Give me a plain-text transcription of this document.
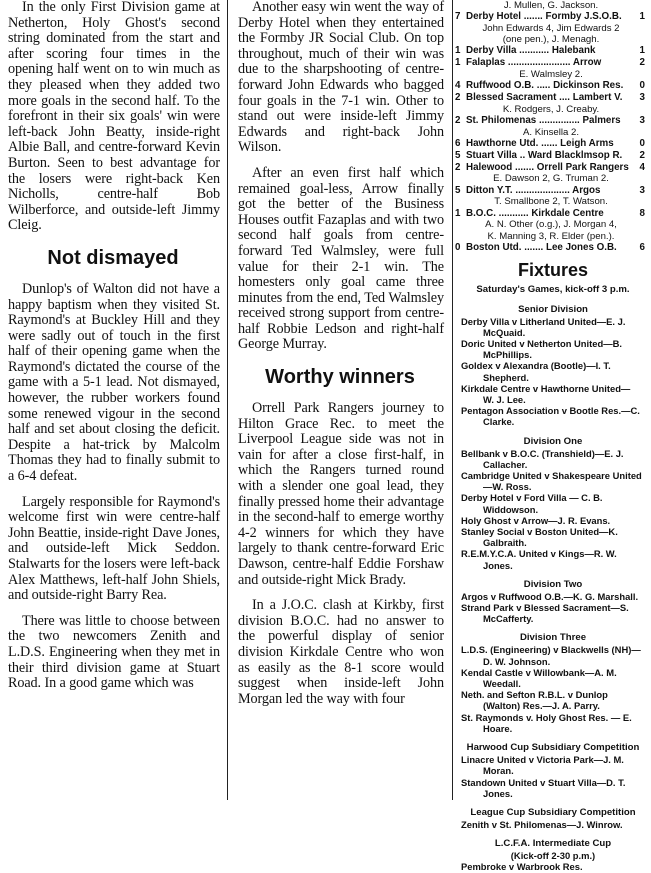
In the only First Division game at Netherton, Holy Ghost's second string dominated from the start and after scoring four times in the opening half went on to win much as they pleased when they added two more goals in the second half. To the forefront in their six goals' win were left-back John Beatty, inside-right Albie Ball, and centre-forward Kevin Burton. Seen to best advantage for the losers were right-back Ken Nicholls, centre-half Bob Wilberforce, and outside-left Jimmy Cleig.

Not dismayed

Dunlop's of Walton did not have a happy baptism when they visited St. Raymond's at Buckley Hill and they were sadly out of touch in the first half of their opening game when the Raymond's dictated the course of the game with a 5-1 lead. Not dismayed, however, the rubber workers found some renewed vigour in the second half and set about closing the deficit. Despite a hat-trick by Malcolm Thomas they had to finally submit to a 6-4 defeat.

Largely responsible for Raymond's welcome first win were centre-half John Beattie, inside-right Dave Jones, and outside-left Mick Seddon. Stalwarts for the losers were left-back Alex Matthews, left-half John Shiels, and outside-right Barry Rea.

There was little to choose between the two newcomers Zenith and L.D.S. Engineering when they met in their third division game at Stuart Road. In a good game which was

Another easy win went the way of Derby Hotel when they entertained the Formby JR Social Club. On top throughout, much of their win was due to the sharpshooting of centre-forward John Edwards who bagged four goals in the 7-1 win. Other to stand out were inside-left Jimmy Edwards and right-back John Wilson.

After an even first half which remained goal-less, Arrow finally got the better of the Business Houses outfit Fazaplas and with two second half goals from centre-forward Ted Walmsley, were full value for their 2-1 win. The homesters only goal came three minutes from the end, Ted Walmsley received strong support from centre-half Robbie Ledson and right-half George Murray.

Worthy winners

Orrell Park Rangers journey to Hilton Grace Rec. to meet the Liverpool League side was not in vain for after a close first-half, in which the Rangers turned round with a slender one goal lead, they finally pressed home their advantage in the second-half to emerge worthy 4-2 winners for which they have largely to thank centre-forward Eric Dawson, centre-half Eddie Forshaw and outside-right Mick Brady.

In a J.O.C. clash at Kirkby, first division B.O.C. had no answer to the powerful display of senior division Kirkdale Centre who won as easily as the 8-1 score would suggest when inside-left John Morgan led the way with four

J. Mullen, G. Jackson.
7 Derby Hotel ....... Formby J.S.O.B. 1
John Edwards 4, Jim Edwards 2
(one pen.), J. Menagh.
1 Derby Villa ........... Halebank	1
1 Falaplas ....................... Arrow	2
E. Walmsley 2.
4 Ruffwood O.B. ..... Dickinson Res. 0
2 Blessed Sacrament .... Lambert V. 3
K. Rodgers, J. Creaby.
2 St. Philomenas ............... Palmers 3
A. Kinsella 2.
6 Hawthorne Utd. ...... Leigh Arms	0
5 Stuart Villa .. Ward Blacklmsop R. 2
2 Halewood ....... Orrell Park Rangers 4
E. Dawson 2, G. Truman 2.
5 Ditton Y.T. .................... Argos	3
T. Smallbone 2, T. Watson.
1 B.O.C. ........... Kirkdale Centre	8
A. N. Other (o.g.), J. Morgan 4,
K. Manning 3, R. Elder (pen.).
0 Boston Utd. ....... Lee Jones O.B. 6
Fixtures
Saturday's Games, kick-off 3 p.m.
Senior Division
Derby Villa v Litherland United—E. J.
McQuaid.
Doric United v Netherton United—B.
McPhillips.
Goldex v Alexandra (Bootle)—I. T.
Shepherd.
Kirkdale Centre v Hawthorne United—
W. J. Lee.
Pentagon Association v Bootle Res.—C.
Clarke.
Division One
Bellbank v B.O.C. (Transhield)—E. J.
Callacher.
Cambridge United v Shakespeare United
—W. Ross.
Derby Hotel v Ford Villa — C. B.
Widdowson.
Holy Ghost v Arrow—J. R. Evans.
Stanley Social v Boston United—K.
Galbraith.
R.E.M.Y.C.A. United v Kings—R. W.
Jones.
Division Two
Argos v Ruffwood O.B.—K. G. Marshall.
Strand Park v Blessed Sacrament—S.
McCafferty.
Division Three
L.D.S. (Engineering) v Blackwells (NH)—
D. W. Johnson.
Kendal Castle v Willowbank—A. M.
Weedall.
Neth. and Sefton R.B.L. v Dunlop
(Walton) Res.—J. A. Parry.
St. Raymonds v. Holy Ghost Res. — E.
Hoare.
Harwood Cup Subsidiary Competition
Linacre United v Victoria Park—J. M.
Moran.
Standown United v Stuart Villa—D. T.
Jones.
League Cup Subsidiary Competition
Zenith v St. Philomenas—J. Winrow.
L.C.F.A. Intermediate Cup
(Kick-off 2-30 p.m.)
Pembroke v Warbrook Res.
